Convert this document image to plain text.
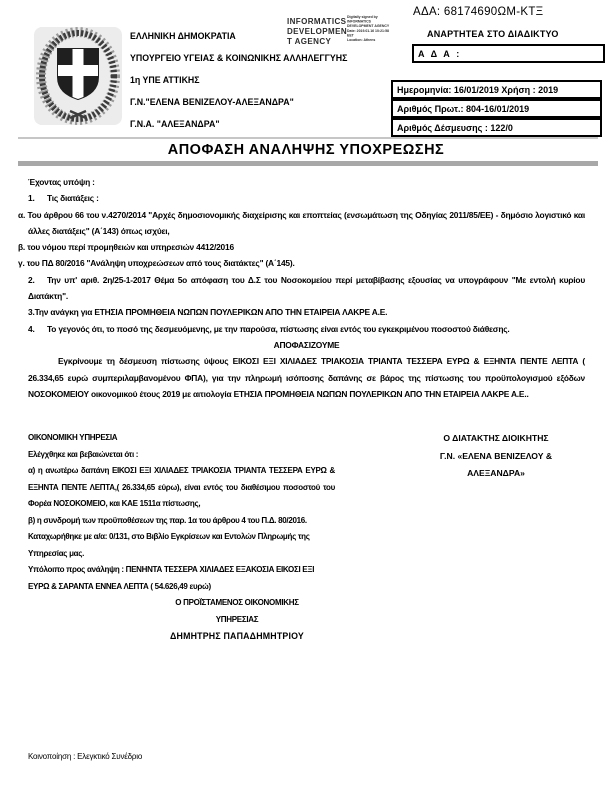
ΕΛΛΗΝΙΚΗ ΔΗΜΟΚΡΑΤΙΑ
ΥΠΟΥΡΓΕΙΟ ΥΓΕΙΑΣ & ΚΟΙΝΩΝΙΚΗΣ ΑΛΛΗΛΕΓΓΥΗΣ
1η ΥΠΕ ΑΤΤΙΚΗΣ
Γ.Ν."ΕΛΕΝΑ ΒΕΝΙΖΕΛΟΥ-ΑΛΕΞΑΝΔΡΑ"
Γ.Ν.Α. "ΑΛΕΞΑΝΔΡΑ"
INFORMATICS
DEVELOPMEN
T AGENCY
Digitally signed by
INFORMATICS
DEVELOPMENT AGENCY
Date: 2019.01.16 10:21:58
EET
Location: Athens
ΑΔΑ: 68174690ΩΜ-ΚΤΞ
ΑΝΑΡΤΗΤΕΑ ΣΤΟ ΔΙΑΔΙΚΤΥΟ
Α Δ Α :
Ημερομηνία: 16/01/2019 Χρήση : 2019
Αριθμός Πρωτ.: 804-16/01/2019
Αριθμός Δέσμευσης : 122/0
ΑΠΟΦΑΣΗ ΑΝΑΛΗΨΗΣ ΥΠΟΧΡΕΩΣΗΣ

Έχοντας υπόψη :

1. Τις διατάξεις :

α. Του άρθρου 66 του ν.4270/2014 "Αρχές δημοσιονομικής διαχείρισης και εποπτείας (ενσωμάτωση της Οδηγίας 2011/85/ΕΕ) - δημόσιο λογιστικό και άλλες διατάξεις" (Α΄143) όπως ισχύει,

β. του νόμου περί προμηθειών και υπηρεσιών 4412/2016

γ. του ΠΔ 80/2016 "Ανάληψη υποχρεώσεων από τους διατάκτες" (Α΄145).

2. Την υπ' αριθ. 2η/25-1-2017 Θέμα 5ο απόφαση του Δ.Σ του Νοσοκομείου περί μεταβίβασης εξουσίας να υπογράφουν "Με εντολή κυρίου Διατάκτη".

3.Την ανάγκη για ΕΤΗΣΙΑ ΠΡΟΜΗΘΕΙΑ ΝΩΠΩΝ ΠΟΥΛΕΡΙΚΩΝ ΑΠΟ ΤΗΝ ΕΤΑΙΡΕΙΑ ΛΑΚΡΕ Α.Ε.

4. Το γεγονός ότι, το ποσό της δεσμευόμενης, με την παρούσα, πίστωσης είναι εντός του εγκεκριμένου ποσοστού διάθεσης.

ΑΠΟΦΑΣΙΖΟΥΜΕ

Εγκρίνουμε τη δέσμευση πίστωσης ύψους ΕΙΚΟΣΙ ΕΞΙ ΧΙΛΙΑΔΕΣ ΤΡΙΑΚΟΣΙΑ ΤΡΙΑΝΤΑ ΤΕΣΣΕΡΑ ΕΥΡΩ & ΕΞΗΝΤΑ ΠΕΝΤΕ ΛΕΠΤΑ ( 26.334,65 ευρώ συμπεριλαμβανομένου ΦΠΑ), για την πληρωμή ισόποσης δαπάνης σε βάρος της πίστωσης του προϋπολογισμού εξόδων ΝΟΣΟΚΟΜΕΙΟΥ οικονομικού έτους 2019 με αιτιολογία ΕΤΗΣΙΑ ΠΡΟΜΗΘΕΙΑ ΝΩΠΩΝ ΠΟΥΛΕΡΙΚΩΝ ΑΠΟ ΤΗΝ ΕΤΑΙΡΕΙΑ ΛΑΚΡΕ Α.Ε..

ΟΙΚΟΝΟΜΙΚΗ ΥΠΗΡΕΣΙΑ

Ελέγχθηκε και βεβαιώνεται ότι :

α) η ανωτέρω δαπάνη ΕΙΚΟΣΙ ΕΞΙ ΧΙΛΙΑΔΕΣ ΤΡΙΑΚΟΣΙΑ ΤΡΙΑΝΤΑ ΤΕΣΣΕΡΑ ΕΥΡΩ & ΕΞΗΝΤΑ ΠΕΝΤΕ ΛΕΠΤΑ,( 26.334,65 εύρω), είναι εντός του διαθέσιμου ποσοστού του Φορέα ΝΟΣΟΚΟΜΕΙΟ, και ΚΑΕ 1511α πίστωσης,

β) η συνδρομή των προϋποθέσεων της παρ. 1α του άρθρου 4 του Π.Δ. 80/2016.

Καταχωρήθηκε με α/α: 0/131, στο Βιβλίο Εγκρίσεων και Εντολών Πληρωμής της Υπηρεσίας μας.

Υπόλοιπο προς ανάληψη : ΠΕΝΗΝΤΑ ΤΕΣΣΕΡΑ ΧΙΛΙΑΔΕΣ ΕΞΑΚΟΣΙΑ ΕΙΚΟΣΙ ΕΞΙ ΕΥΡΩ & ΣΑΡΑΝΤΑ ΕΝΝΕΑ ΛΕΠΤΑ ( 54.626,49 ευρώ)

Ο ΠΡΟΪΣΤΑΜΕΝΟΣ ΟΙΚΟΝΟΜΙΚΗΣ

ΥΠΗΡΕΣΙΑΣ

ΔΗΜΗΤΡΗΣ ΠΑΠΑΔΗΜΗΤΡΙΟΥ

Ο ΔΙΑΤΑΚΤΗΣ ΔΙΟΙΚΗΤΗΣ
Γ.Ν. «ΕΛΕΝΑ ΒΕΝΙΖΕΛΟΥ &
ΑΛΕΞΑΝΔΡΑ»
Κοινοποίηση : Ελεγκτικό Συνέδριο
